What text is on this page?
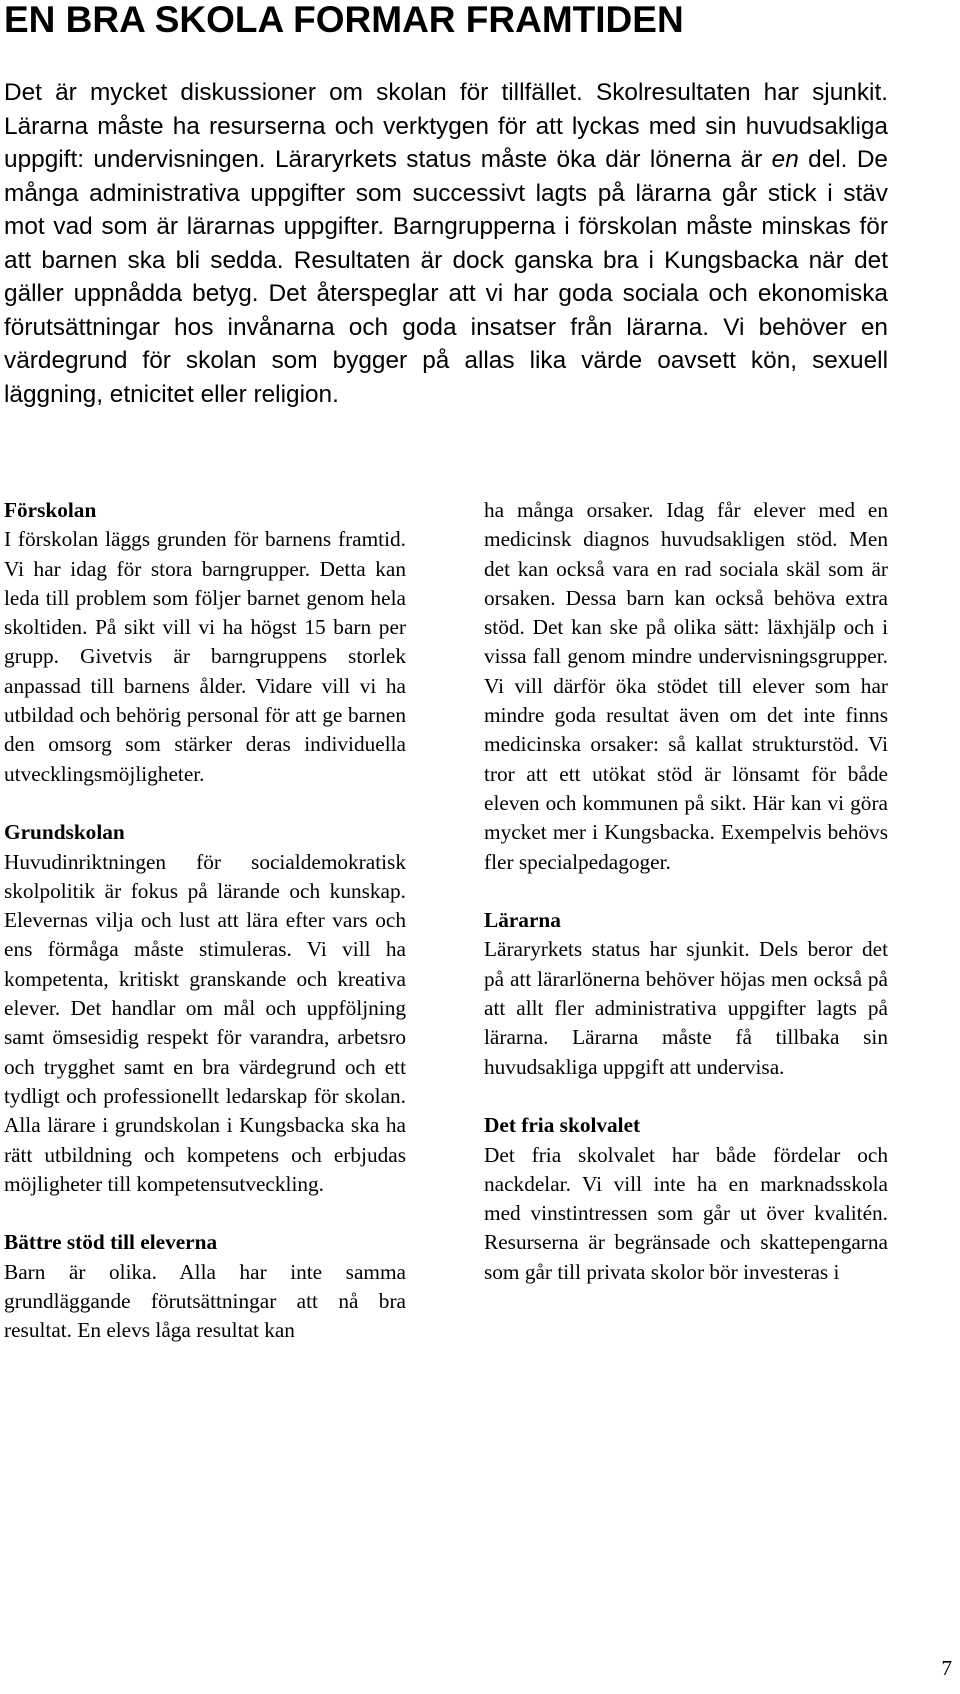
EN BRA SKOLA FORMAR FRAMTIDEN

Det är mycket diskussioner om skolan för tillfället. Skolresultaten har sjunkit. Lärarna måste ha resurserna och verktygen för att lyckas med sin huvudsakliga uppgift: undervisningen. Läraryrkets status måste öka där lönerna är en del. De många administrativa uppgifter som successivt lagts på lärarna går stick i stäv mot vad som är lärarnas uppgifter. Barngrupperna i förskolan måste minskas för att barnen ska bli sedda. Resultaten är dock ganska bra i Kungsbacka när det gäller uppnådda betyg. Det återspeglar att vi har goda sociala och ekonomiska förutsättningar hos invånarna och goda insatser från lärarna. Vi behöver en värdegrund för skolan som bygger på allas lika värde oavsett kön, sexuell läggning, etnicitet eller religion.

Förskolan

I förskolan läggs grunden för barnens framtid. Vi har idag för stora barngrupper. Detta kan leda till problem som följer barnet genom hela skoltiden. På sikt vill vi ha högst 15 barn per grupp. Givetvis är barngruppens storlek anpassad till barnens ålder. Vidare vill vi ha utbildad och behörig personal för att ge barnen den omsorg som stärker deras individuella utvecklingsmöjligheter.

Grundskolan

Huvudinriktningen för socialdemokratisk skolpolitik är fokus på lärande och kunskap. Elevernas vilja och lust att lära efter vars och ens förmåga måste stimuleras. Vi vill ha kompetenta, kritiskt granskande och kreativa elever. Det handlar om mål och uppföljning samt ömsesidig respekt för varandra, arbetsro och trygghet samt en bra värdegrund och ett tydligt och professionellt ledarskap för skolan. Alla lärare i grundskolan i Kungsbacka ska ha rätt utbildning och kompetens och erbjudas möjligheter till kompetensutveckling.

Bättre stöd till eleverna

Barn är olika. Alla har inte samma grundläggande förutsättningar att nå bra resultat. En elevs låga resultat kan

ha många orsaker. Idag får elever med en medicinsk diagnos huvudsakligen stöd. Men det kan också vara en rad sociala skäl som är orsaken. Dessa barn kan också behöva extra stöd. Det kan ske på olika sätt: läxhjälp och i vissa fall genom mindre undervisningsgrupper. Vi vill därför öka stödet till elever som har mindre goda resultat även om det inte finns medicinska orsaker: så kallat strukturstöd. Vi tror att ett utökat stöd är lönsamt för både eleven och kommunen på sikt. Här kan vi göra mycket mer i Kungsbacka. Exempelvis behövs fler specialpedagoger.

Lärarna

Läraryrkets status har sjunkit. Dels beror det på att lärarlönerna behöver höjas men också på att allt fler administrativa uppgifter lagts på lärarna. Lärarna måste få tillbaka sin huvudsakliga uppgift att undervisa.

Det fria skolvalet

Det fria skolvalet har både fördelar och nackdelar. Vi vill inte ha en marknadsskola med vinstintressen som går ut över kvalitén. Resurserna är begränsade och skattepengarna som går till privata skolor bör investeras i

7
